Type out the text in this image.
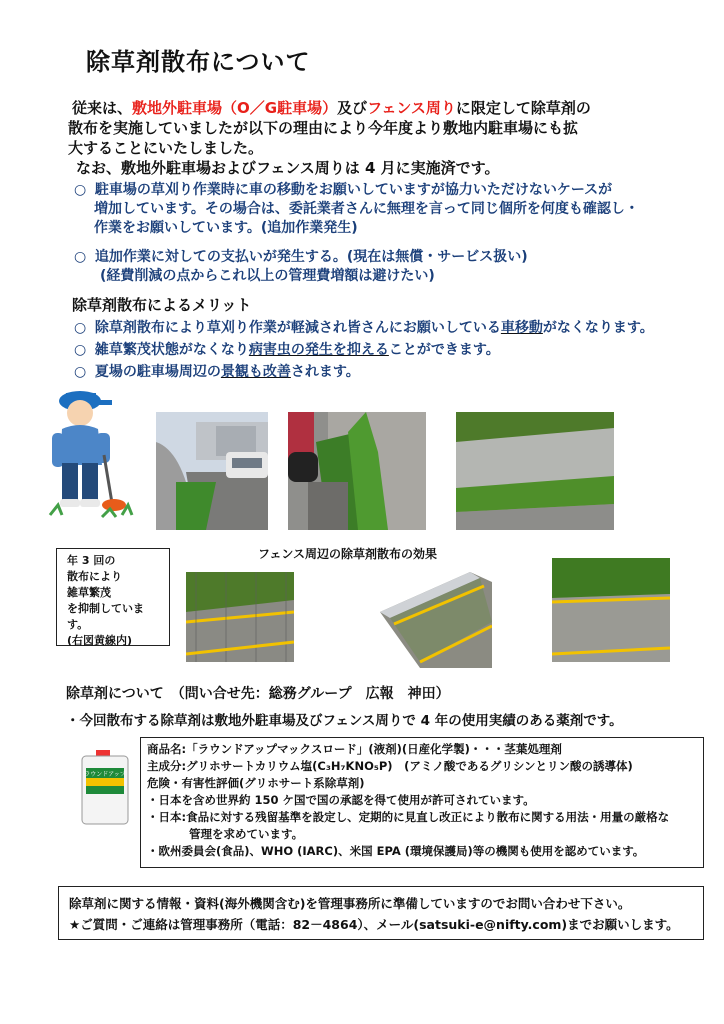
除草剤散布について
従来は、敷地外駐車場（O／G駐車場）及びフェンス周りに限定して除草剤の
散布を実施していましたが以下の理由により今年度より敷地内駐車場にも拡
大することにいたしました。
なお、敷地外駐車場およびフェンス周りは 4 月に実施済です。
○ 駐車場の草刈り作業時に車の移動をお願いしていますが協力いただけないケースが
増加しています。その場合は、委託業者さんに無理を言って同じ個所を何度も確認し・
作業をお願いしています。(追加作業発生)
○ 追加作業に対しての支払いが発生する。(現在は無償・サービス扱い)
(経費削減の点からこれ以上の管理費増額は避けたい)
除草剤散布によるメリット
○ 除草剤散布により草刈り作業が軽減され皆さんにお願いしている車移動がなくなります。
○ 雑草繁茂状態がなくなり病害虫の発生を抑えることができます。
○ 夏場の駐車場周辺の景観も改善されます。
年 3 回の
散布により
雑草繁茂
を抑制しています。
(右図黄線内)
フェンス周辺の除草剤散布の効果
除草剤について　（問い合せ先：総務グループ　広報　神田）
・今回散布する除草剤は敷地外駐車場及びフェンス周りで 4 年の使用実績のある薬剤です。
ラウンドアップ
商品名:「ラウンドアップマックスロード」(液剤)(日産化学製)・・・茎葉処理剤
主成分:グリホサートカリウム塩(C₃H₇KNO₅P)　(アミノ酸であるグリシンとリン酸の誘導体)
危険・有害性評価(グリホサート系除草剤)
・日本を含め世界約 150 ケ国で国の承認を得て使用が許可されています。
・日本:食品に対する残留基準を設定し、定期的に見直し改正により散布に関する用法・用量の厳格な
管理を求めています。
・欧州委員会(食品)、WHO (IARC)、米国 EPA (環境保護局)等の機関も使用を認めています。
除草剤に関する情報・資料(海外機関含む)を管理事務所に準備していますのでお問い合わせ下さい。
★ご質問・ご連絡は管理事務所（電話：82－4864）、メール(satsuki-e@nifty.com)までお願いします。
